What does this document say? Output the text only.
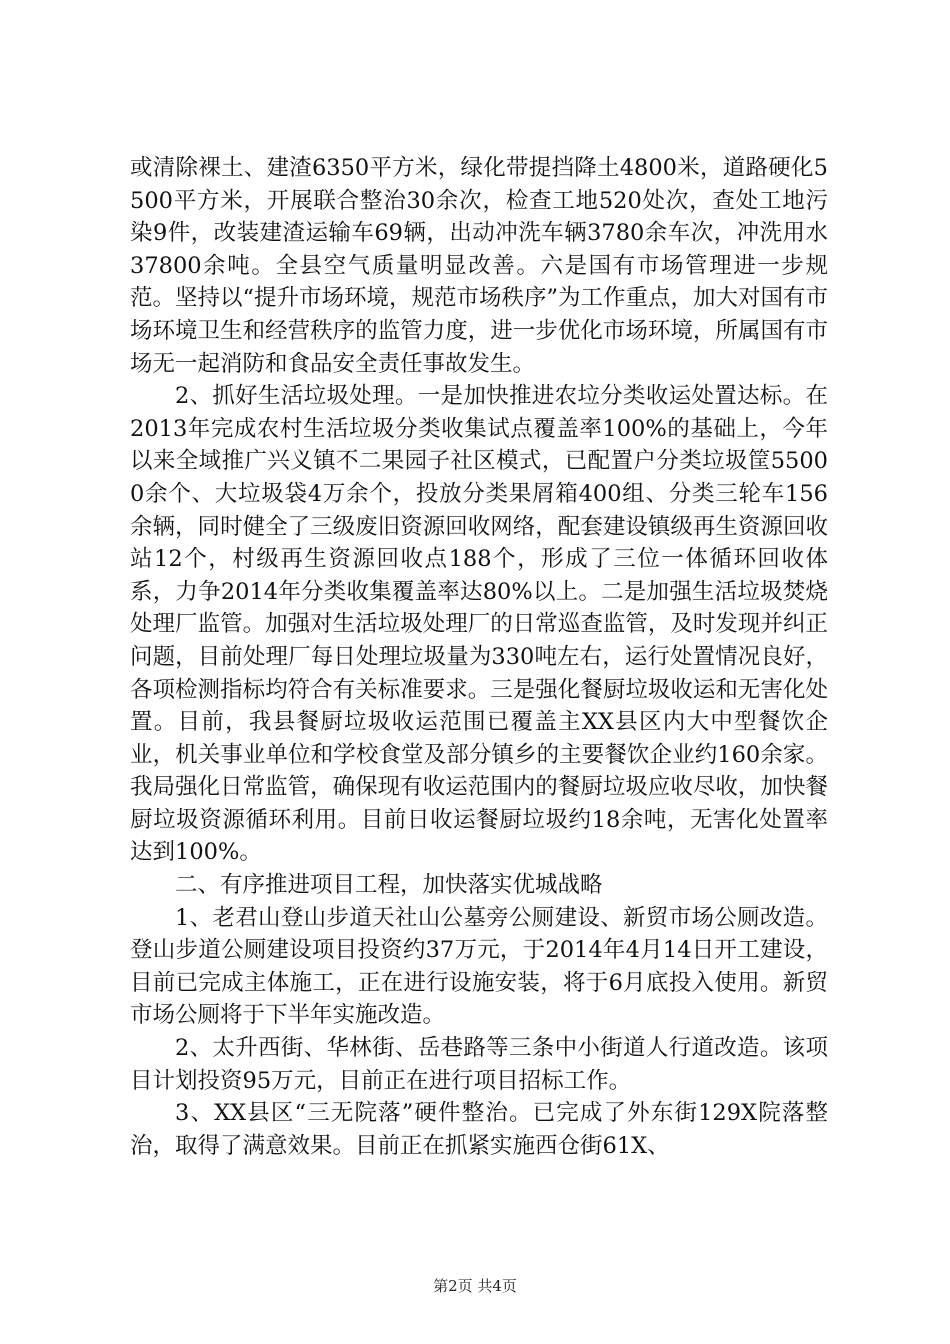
或清除裸土、建渣6350平方米，绿化带提挡降土4800米，道路硬化5500平方米，开展联合整治30余次，检查工地520处次，查处工地污染9件，改装建渣运输车69辆，出动冲洗车辆3780余车次，冲洗用水37800余吨。全县空气质量明显改善。六是国有市场管理进一步规范。坚持以“提升市场环境，规范市场秩序”为工作重点，加大对国有市场环境卫生和经营秩序的监管力度，进一步优化市场环境，所属国有市场无一起消防和食品安全责任事故发生。

2、抓好生活垃圾处理。一是加快推进农垃分类收运处置达标。在2013年完成农村生活垃圾分类收集试点覆盖率100%的基础上，今年以来全域推广兴义镇不二果园子社区模式，已配置户分类垃圾筐55000余个、大垃圾袋4万余个，投放分类果屑箱400组、分类三轮车156余辆，同时健全了三级废旧资源回收网络，配套建设镇级再生资源回收站12个，村级再生资源回收点188个，形成了三位一体循环回收体系，力争2014年分类收集覆盖率达80%以上。二是加强生活垃圾焚烧处理厂监管。加强对生活垃圾处理厂的日常巡查监管，及时发现并纠正问题，目前处理厂每日处理垃圾量为330吨左右，运行处置情况良好，各项检测指标均符合有关标准要求。三是强化餐厨垃圾收运和无害化处置。目前，我县餐厨垃圾收运范围已覆盖主XX县区内大中型餐饮企业，机关事业单位和学校食堂及部分镇乡的主要餐饮企业约160余家。我局强化日常监管，确保现有收运范围内的餐厨垃圾应收尽收，加快餐厨垃圾资源循环利用。目前日收运餐厨垃圾约18余吨，无害化处置率达到100%。

二、有序推进项目工程，加快落实优城战略

1、老君山登山步道天社山公墓旁公厕建设、新贸市场公厕改造。登山步道公厕建设项目投资约37万元，于2014年4月14日开工建设，目前已完成主体施工，正在进行设施安装，将于6月底投入使用。新贸市场公厕将于下半年实施改造。

2、太升西街、华林街、岳巷路等三条中小街道人行道改造。该项目计划投资95万元，目前正在进行项目招标工作。

3、XX县区“三无院落”硬件整治。已完成了外东街129X院落整治，取得了满意效果。目前正在抓紧实施西仓街61X、

第2页 共4页
